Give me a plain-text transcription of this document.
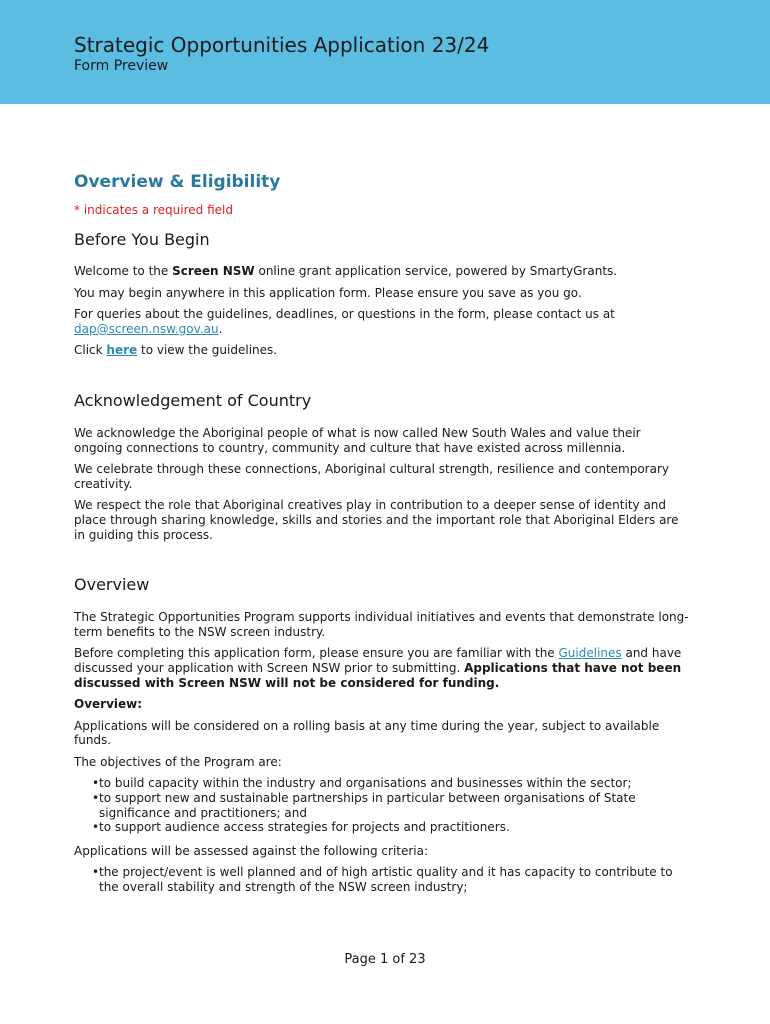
Strategic Opportunities Application 23/24
Form Preview
Overview & Eligibility
* indicates a required field
Before You Begin

Welcome to the Screen NSW online grant application service, powered by SmartyGrants.

You may begin anywhere in this application form. Please ensure you save as you go.

For queries about the guidelines, deadlines, or questions in the form, please contact us at dap@screen.nsw.gov.au.

Click here to view the guidelines.

Acknowledgement of Country

We acknowledge the Aboriginal people of what is now called New South Wales and value their ongoing connections to country, community and culture that have existed across millennia.

We celebrate through these connections, Aboriginal cultural strength, resilience and contemporary creativity.

We respect the role that Aboriginal creatives play in contribution to a deeper sense of identity and place through sharing knowledge, skills and stories and the important role that Aboriginal Elders are in guiding this process.

Overview

The Strategic Opportunities Program supports individual initiatives and events that demonstrate long-term benefits to the NSW screen industry.

Before completing this application form, please ensure you are familiar with the Guidelines and have discussed your application with Screen NSW prior to submitting. Applications that have not been discussed with Screen NSW will not be considered for funding.

Overview:

Applications will be considered on a rolling basis at any time during the year, subject to available funds.

The objectives of the Program are:

• to build capacity within the industry and organisations and businesses within the sector;
• to support new and sustainable partnerships in particular between organisations of State significance and practitioners; and
• to support audience access strategies for projects and practitioners.

Applications will be assessed against the following criteria:

• the project/event is well planned and of high artistic quality and it has capacity to contribute to the overall stability and strength of the NSW screen industry;
Page 1 of 23
